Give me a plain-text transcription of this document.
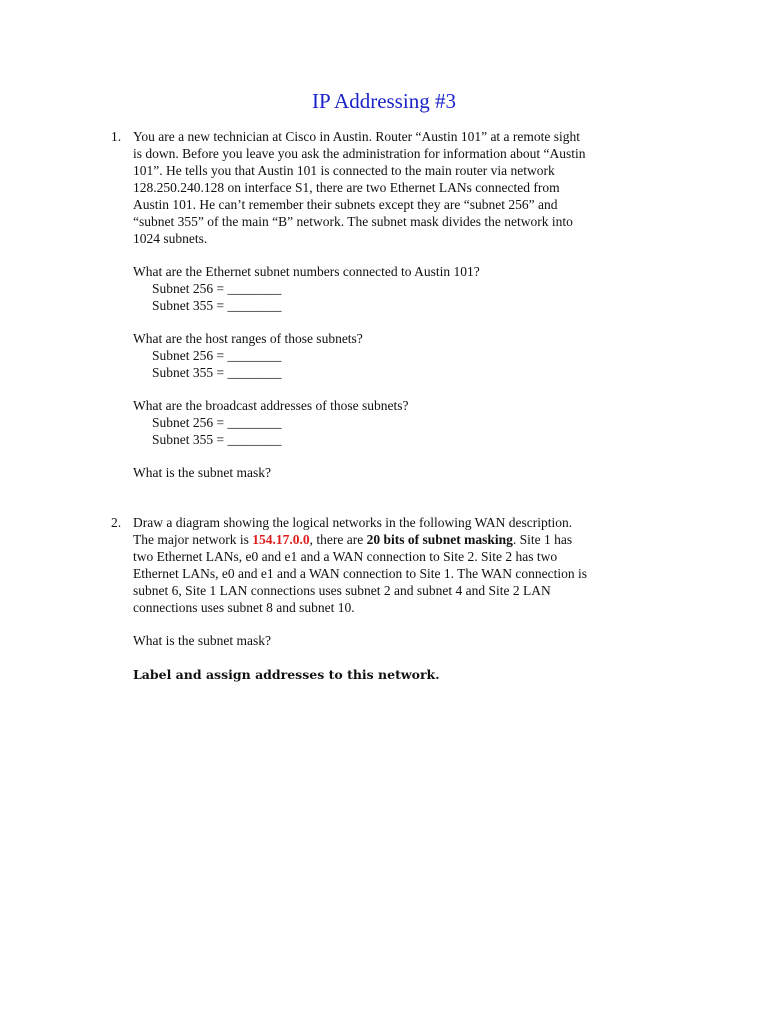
IP Addressing #3
1. You are a new technician at Cisco in Austin. Router “Austin 101” at a remote sight

is down. Before you leave you ask the administration for information about “Austin

101”. He tells you that Austin 101 is connected to the main router via network

128.250.240.128 on interface S1, there are two Ethernet LANs connected from

Austin 101. He can’t remember their subnets except they are “subnet 256” and

“subnet 355” of the main “B” network. The subnet mask divides the network into

1024 subnets.

What are the Ethernet subnet numbers connected to Austin 101?

Subnet 256 = ________

Subnet 355 = ________

What are the host ranges of those subnets?

Subnet 256 = ________

Subnet 355 = ________

What are the broadcast addresses of those subnets?

Subnet 256 = ________

Subnet 355 = ________

What is the subnet mask?

2. Draw a diagram showing the logical networks in the following WAN description.

The major network is 154.17.0.0, there are 20 bits of subnet masking. Site 1 has

two Ethernet LANs, e0 and e1 and a WAN connection to Site 2. Site 2 has two

Ethernet LANs, e0 and e1 and a WAN connection to Site 1. The WAN connection is

subnet 6, Site 1 LAN connections uses subnet 2 and subnet 4 and Site 2 LAN

connections uses subnet 8 and subnet 10.

What is the subnet mask?

Label and assign addresses to this network.
